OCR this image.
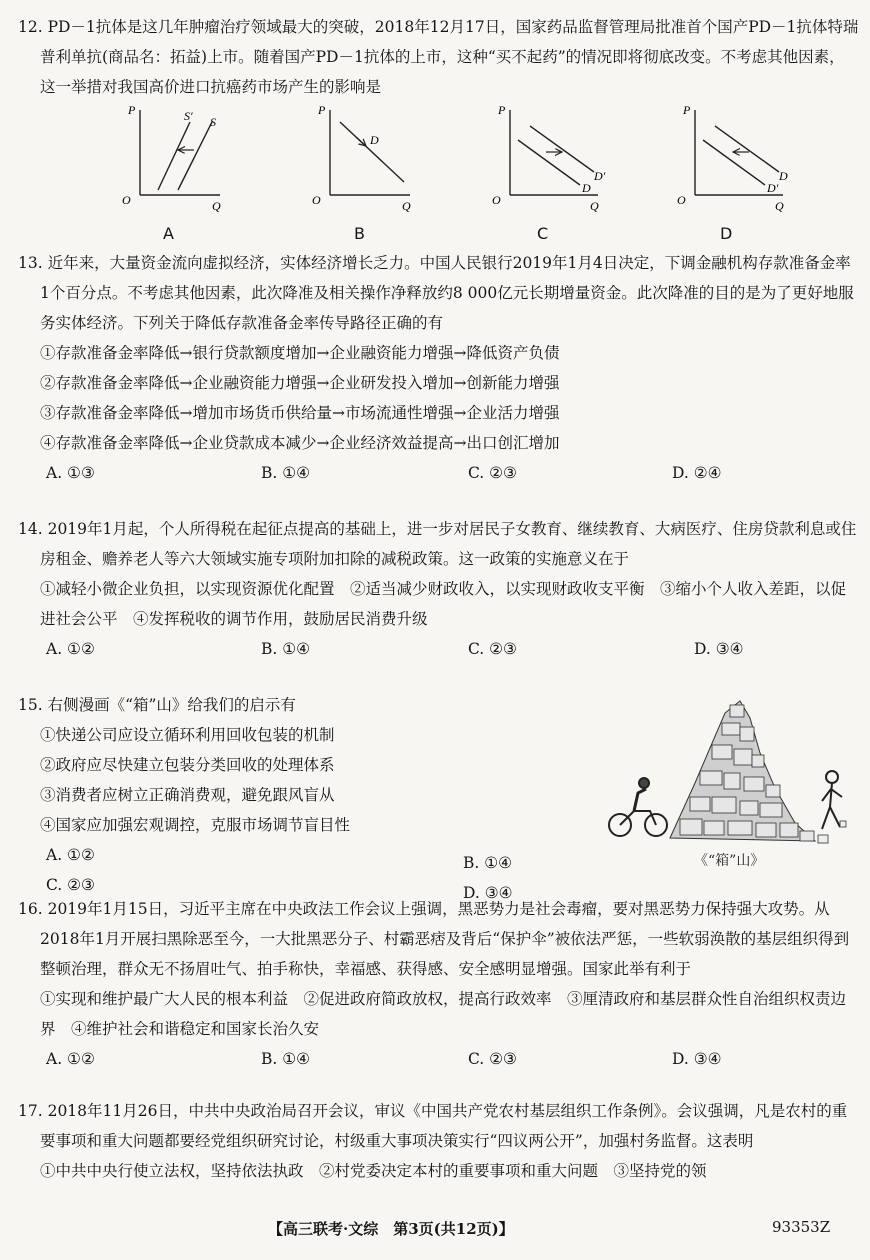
12. PD－1抗体是这几年肿瘤治疗领域最大的突破，2018年12月17日，国家药品监督管理局批准首个国产PD－1抗体特瑞普利单抗(商品名：拓益)上市。随着国产PD－1抗体的上市，这种“买不起药”的情况即将彻底改变。不考虑其他因素，这一举措对我国高价进口抗癌药市场产生的影响是
P
O	Q
S′ S
A
P
O	Q
D
B
P
O	Q
D
D′
C
P
O	Q
D
D′
D
13. 近年来，大量资金流向虚拟经济，实体经济增长乏力。中国人民银行2019年1月4日决定，下调金融机构存款准备金率1个百分点。不考虑其他因素，此次降准及相关操作净释放约8 000亿元长期增量资金。此次降准的目的是为了更好地服务实体经济。下列关于降低存款准备金率传导路径正确的有
①存款准备金率降低→银行贷款额度增加→企业融资能力增强→降低资产负债
②存款准备金率降低→企业融资能力增强→企业研发投入增加→创新能力增强
③存款准备金率降低→增加市场货币供给量→市场流通性增强→企业活力增强
④存款准备金率降低→企业贷款成本减少→企业经济效益提高→出口创汇增加
A. ①③	B. ①④	C. ②③	D. ②④
14. 2019年1月起，个人所得税在起征点提高的基础上，进一步对居民子女教育、继续教育、大病医疗、住房贷款利息或住房租金、赡养老人等六大领域实施专项附加扣除的减税政策。这一政策的实施意义在于
①减轻小微企业负担，以实现资源优化配置　②适当减少财政收入，以实现财政收支平衡　③缩小个人收入差距，以促进社会公平　④发挥税收的调节作用，鼓励居民消费升级
A. ①②	B. ①④	C. ②③	D. ③④
15. 右侧漫画《“箱”山》给我们的启示有
①快递公司应设立循环利用回收包装的机制
②政府应尽快建立包装分类回收的处理体系
③消费者应树立正确消费观，避免跟风盲从
④国家应加强宏观调控，克服市场调节盲目性
A. ①②	B. ①④
C. ②③	D. ③④
《“箱”山》
16. 2019年1月15日，习近平主席在中央政法工作会议上强调，黑恶势力是社会毒瘤，要对黑恶势力保持强大攻势。从2018年1月开展扫黑除恶至今，一大批黑恶分子、村霸恶痞及背后“保护伞”被依法严惩，一些软弱涣散的基层组织得到整顿治理，群众无不扬眉吐气、拍手称快，幸福感、获得感、安全感明显增强。国家此举有利于
①实现和维护最广大人民的根本利益　②促进政府简政放权，提高行政效率　③厘清政府和基层群众性自治组织权责边界　④维护社会和谐稳定和国家长治久安
A. ①②	B. ①④	C. ②③	D. ③④
17. 2018年11月26日，中共中央政治局召开会议，审议《中国共产党农村基层组织工作条例》。会议强调，凡是农村的重要事项和重大问题都要经党组织研究讨论，村级重大事项决策实行“四议两公开”，加强村务监督。这表明
①中共中央行使立法权，坚持依法执政　②村党委决定本村的重要事项和重大问题　③坚持党的领
【高三联考·文综　第3页(共12页)】	93353Z
